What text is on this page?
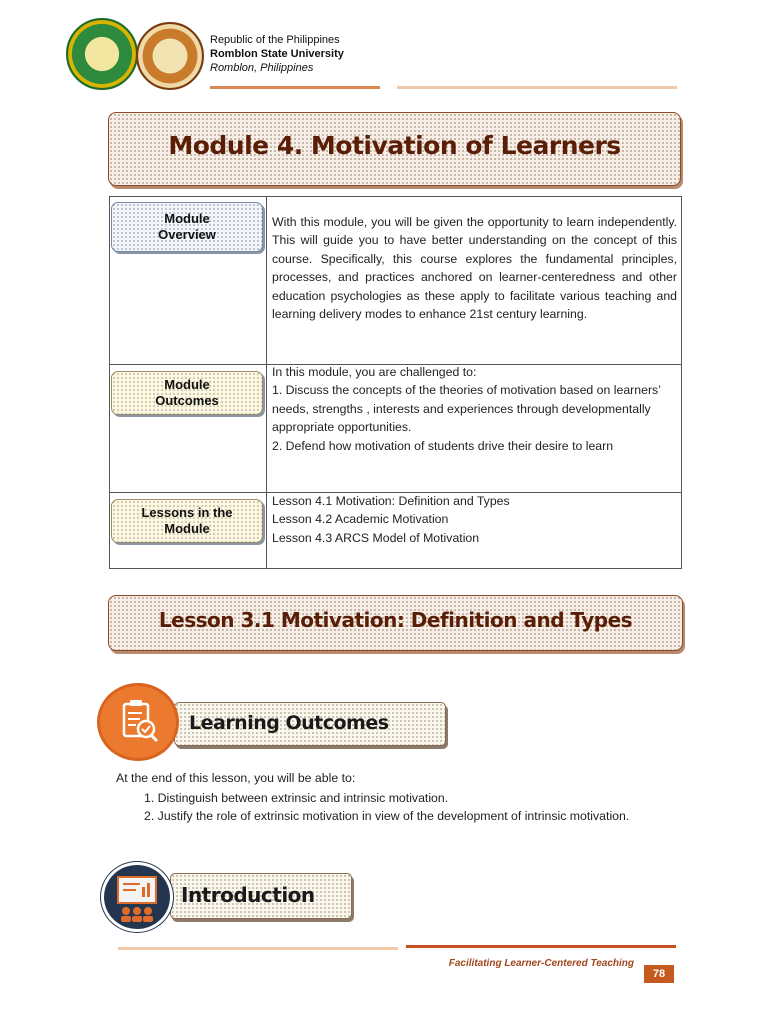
Republic of the Philippines
Romblon State University
Romblon, Philippines
Module 4. Motivation of Learners
Module
Overview
With this module, you will be given the opportunity to learn independently. This will guide you to have better understanding on the concept of this course. Specifically, this course explores the fundamental principles, processes, and practices anchored on learner-centeredness and other education psychologies as these apply to facilitate various teaching and learning delivery modes to enhance 21st century learning.
Module
Outcomes
In this module, you are challenged to:
1. Discuss the concepts of the theories of motivation based on learners’ needs, strengths , interests and experiences through developmentally appropriate opportunities.
2. Defend how motivation of students drive their desire to learn
Lessons in the
Module
Lesson 4.1 Motivation: Definition and Types
Lesson 4.2 Academic Motivation
Lesson 4.3 ARCS Model of Motivation
Lesson 3.1 Motivation: Definition and Types
Learning Outcomes
At the end of this lesson, you will be able to:
1. Distinguish between extrinsic and intrinsic motivation.
2. Justify the role of extrinsic motivation in view of the development of intrinsic motivation.
Introduction
Facilitating Learner-Centered Teaching
78
